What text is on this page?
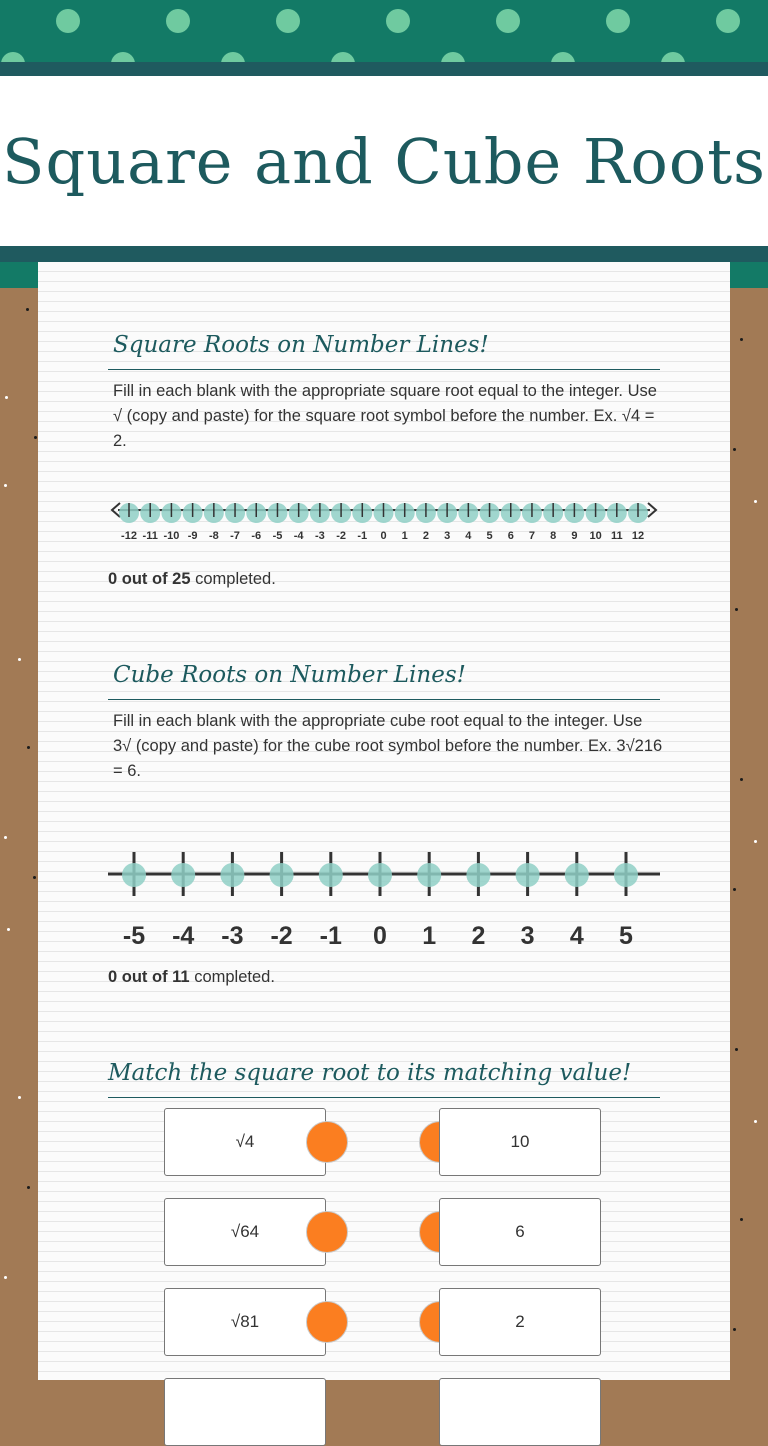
Square and Cube Roots
Square Roots on Number Lines!

Fill in each blank with the appropriate square root equal to the integer. Use √ (copy and paste) for the square root symbol before the number. Ex. √4 = 2.

-12 -11 -10 -9 -8 -7 -6 -5 -4 -3 -2 -1 0 1 2 3 4 5 6 7 8 9 10 11 12

0 out of 25 completed.

Cube Roots on Number Lines!

Fill in each blank with the appropriate cube root equal to the integer. Use 3√ (copy and paste) for the cube root symbol before the number. Ex. 3√216 = 6.

-5 -4 -3 -2 -1 0 1 2 3 4 5

0 out of 11 completed.

Match the square root to its matching value!
√4	10
√64	6
√81	2
